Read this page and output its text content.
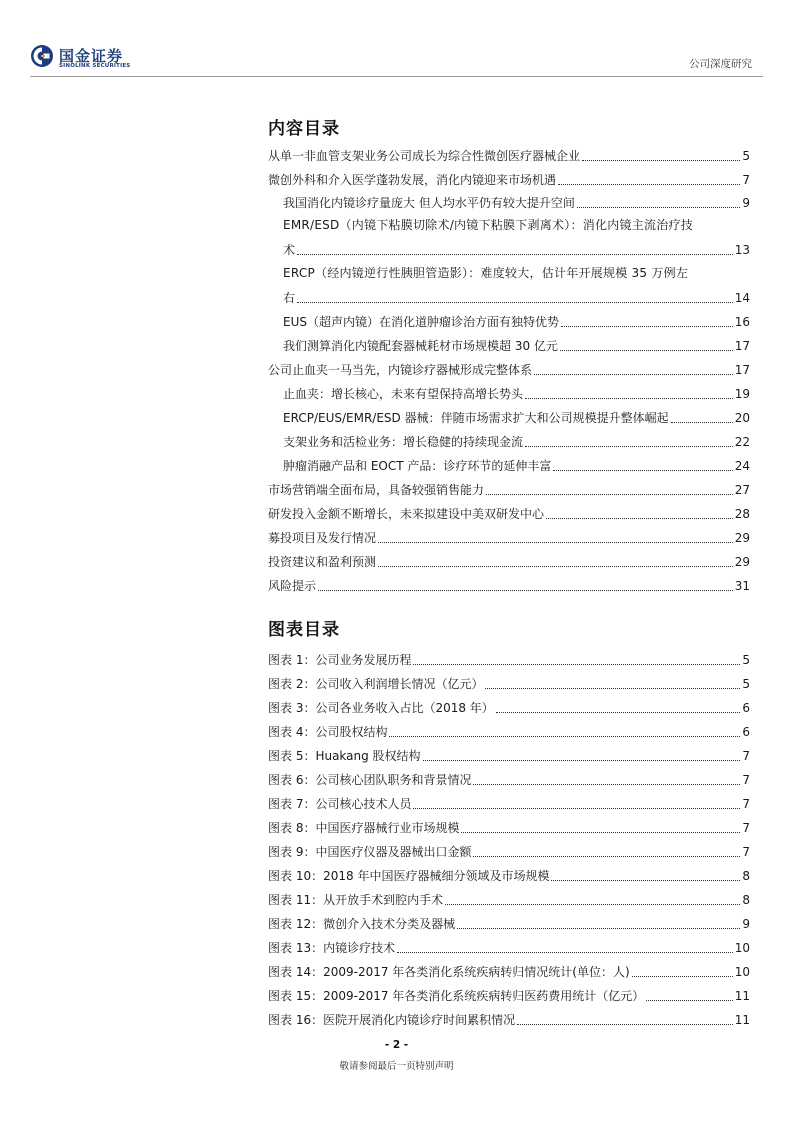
国金证券
SINOLINK SECURITIES	公司深度研究
内容目录
从单一非血管支架业务公司成长为综合性微创医疗器械企业	5
微创外科和介入医学蓬勃发展，消化内镜迎来市场机遇	7
我国消化内镜诊疗量庞大 但人均水平仍有较大提升空间	9
EMR/ESD（内镜下粘膜切除术/内镜下粘膜下剥离术）：消化内镜主流治疗技
术	13
ERCP（经内镜逆行性胰胆管造影）：难度较大，估计年开展规模 35 万例左
右	14
EUS（超声内镜）在消化道肿瘤诊治方面有独特优势	16
我们测算消化内镜配套器械耗材市场规模超 30 亿元	17
公司止血夹一马当先，内镜诊疗器械形成完整体系	17
止血夹：增长核心，未来有望保持高增长势头	19
ERCP/EUS/EMR/ESD 器械：伴随市场需求扩大和公司规模提升整体崛起	20
支架业务和活检业务：增长稳健的持续现金流	22
肿瘤消融产品和 EOCT 产品：诊疗环节的延伸丰富	24
市场营销端全面布局，具备较强销售能力	27
研发投入金额不断增长，未来拟建设中美双研发中心	28
募投项目及发行情况	29
投资建议和盈利预测	29
风险提示	31
图表目录
图表 1：公司业务发展历程	5
图表 2：公司收入利润增长情况（亿元）	5
图表 3：公司各业务收入占比（2018 年）	6
图表 4：公司股权结构	6
图表 5：Huakang 股权结构	7
图表 6：公司核心团队职务和背景情况	7
图表 7：公司核心技术人员	7
图表 8：中国医疗器械行业市场规模	7
图表 9：中国医疗仪器及器械出口金额	7
图表 10：2018 年中国医疗器械细分领域及市场规模	8
图表 11：从开放手术到腔内手术	8
图表 12：微创介入技术分类及器械	9
图表 13：内镜诊疗技术	10
图表 14：2009-2017 年各类消化系统疾病转归情况统计(单位：人)	10
图表 15：2009-2017 年各类消化系统疾病转归医药费用统计（亿元）	11
图表 16：医院开展消化内镜诊疗时间累积情况	11
- 2 -
敬请参阅最后一页特别声明
